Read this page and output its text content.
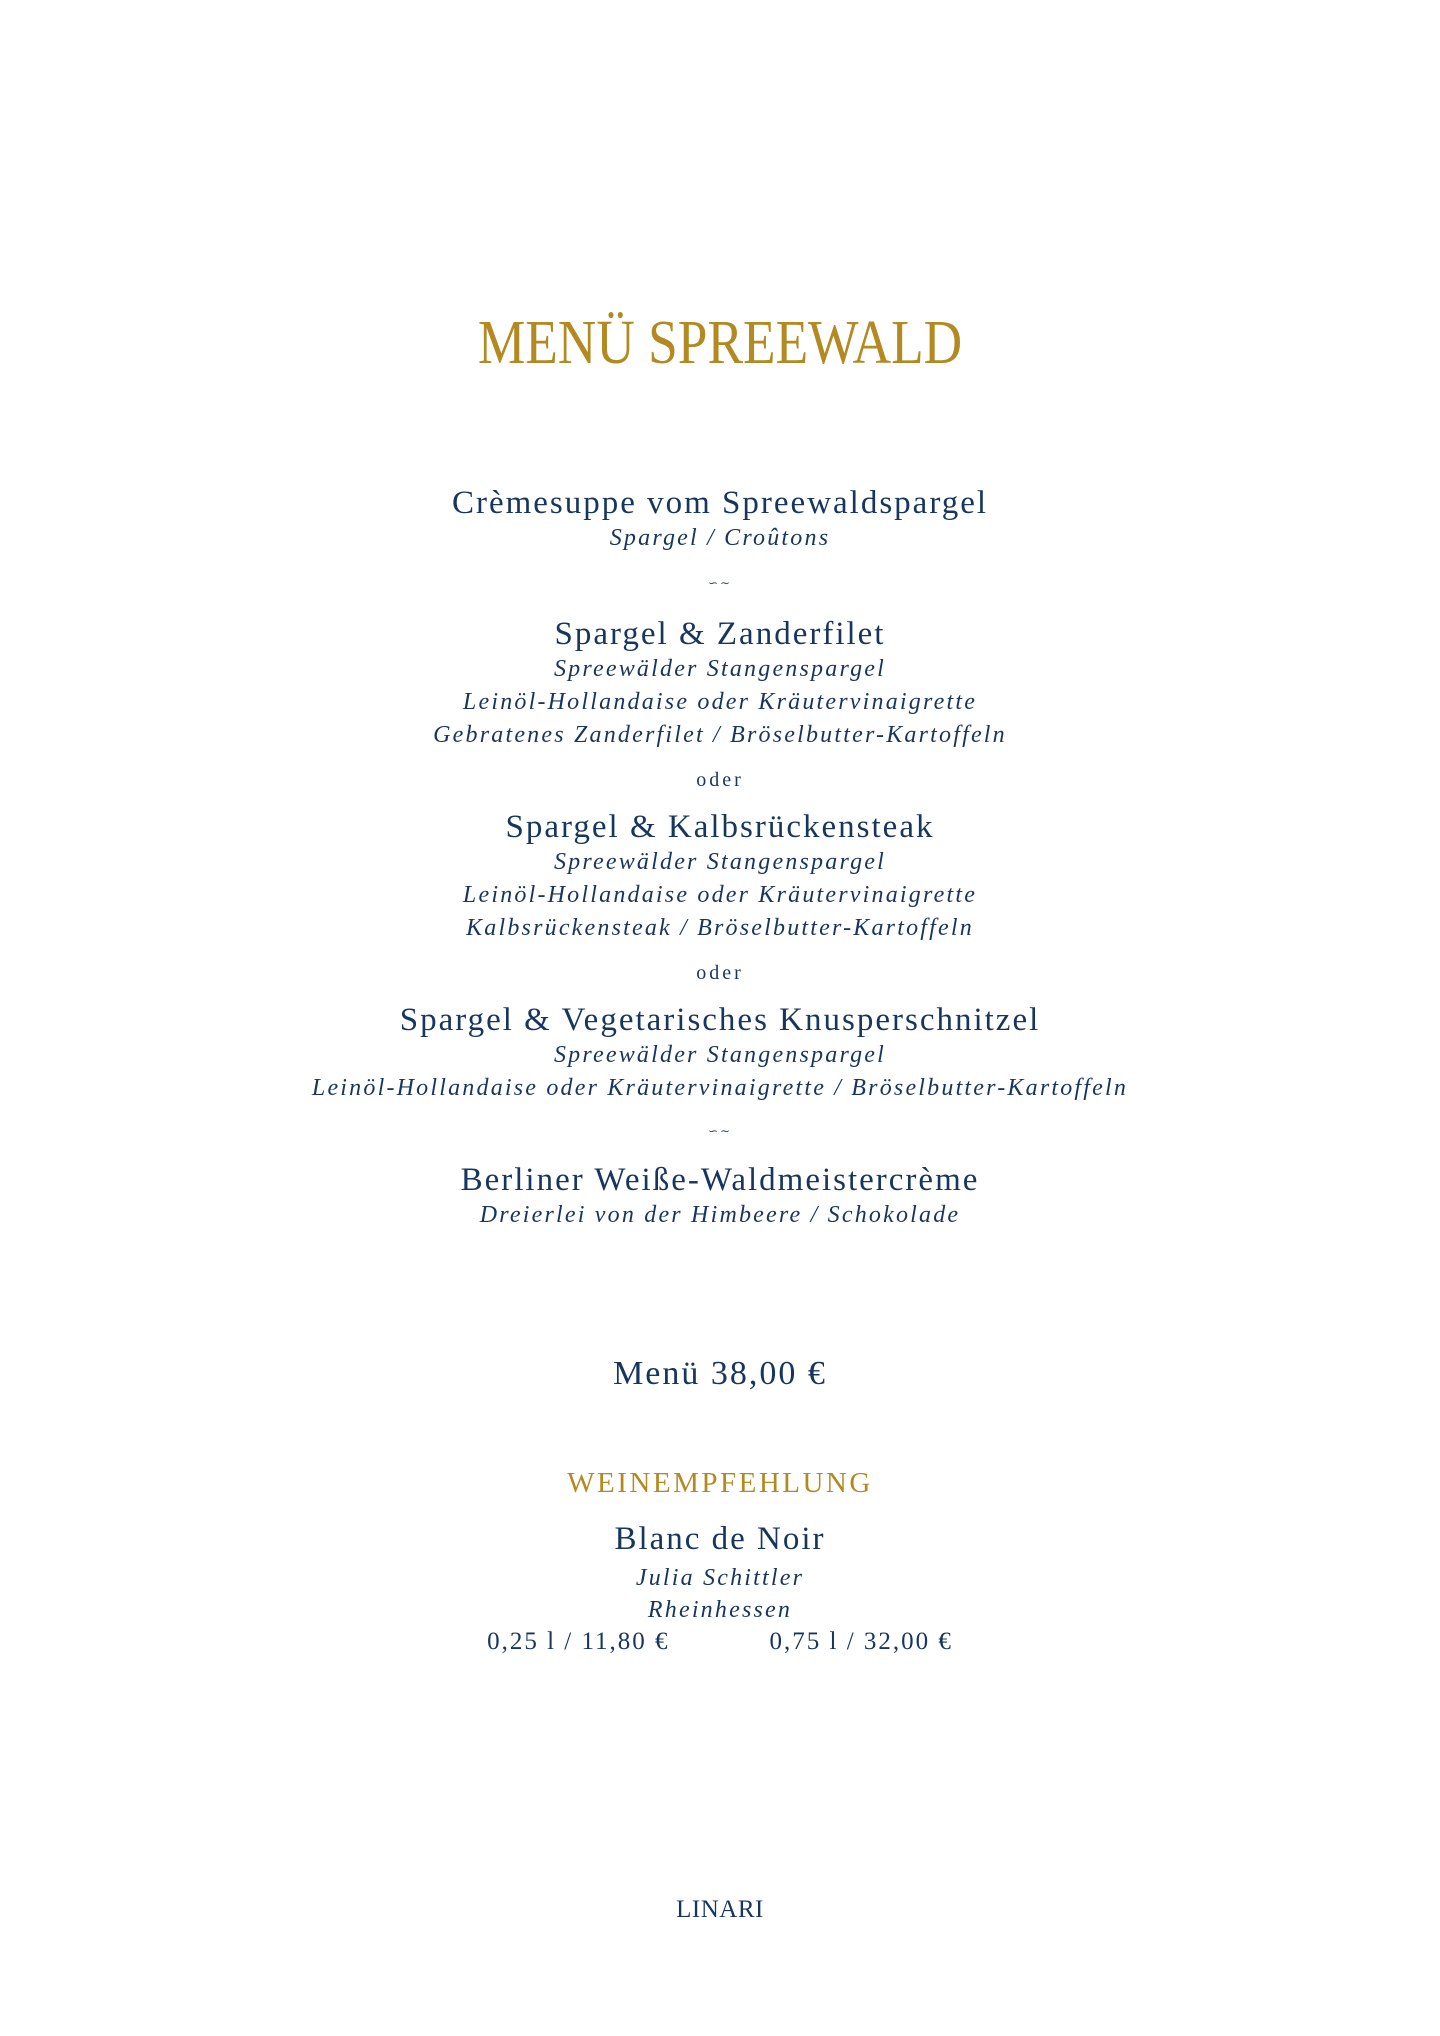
MENÜ SPREEWALD
Crèmesuppe vom Spreewaldspargel
Spargel / Croûtons
∽∼
Spargel & Zanderfilet
Spreewälder Stangenspargel
Leinöl-Hollandaise oder Kräutervinaigrette
Gebratenes Zanderfilet / Bröselbutter-Kartoffeln
oder
Spargel & Kalbsrückensteak
Spreewälder Stangenspargel
Leinöl-Hollandaise oder Kräutervinaigrette
Kalbsrückensteak / Bröselbutter-Kartoffeln
oder
Spargel & Vegetarisches Knusperschnitzel
Spreewälder Stangenspargel
Leinöl-Hollandaise oder Kräutervinaigrette / Bröselbutter-Kartoffeln
∽∼
Berliner Weiße-Waldmeistercrème
Dreierlei von der Himbeere / Schokolade
Menü 38,00 €
WEINEMPFEHLUNG
Blanc de Noir
Julia Schittler
Rheinhessen
0,25 l / 11,80 €	0,75 l / 32,00 €
LINARI
